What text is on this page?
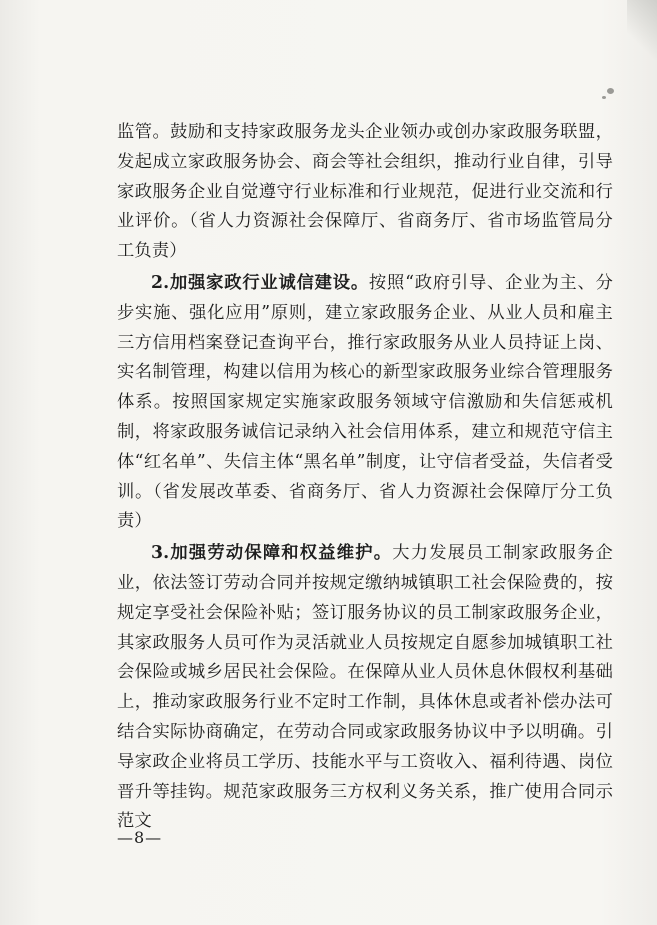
监管。鼓励和支持家政服务龙头企业领办或创办家政服务联盟，发起成立家政服务协会、商会等社会组织，推动行业自律，引导家政服务企业自觉遵守行业标准和行业规范，促进行业交流和行业评价。（省人力资源社会保障厅、省商务厅、省市场监管局分工负责）

2.加强家政行业诚信建设。按照“政府引导、企业为主、分步实施、强化应用”原则，建立家政服务企业、从业人员和雇主三方信用档案登记查询平台，推行家政服务从业人员持证上岗、实名制管理，构建以信用为核心的新型家政服务业综合管理服务体系。按照国家规定实施家政服务领域守信激励和失信惩戒机制，将家政服务诚信记录纳入社会信用体系，建立和规范守信主体“红名单”、失信主体“黑名单”制度，让守信者受益，失信者受训。（省发展改革委、省商务厅、省人力资源社会保障厅分工负责）

3.加强劳动保障和权益维护。大力发展员工制家政服务企业，依法签订劳动合同并按规定缴纳城镇职工社会保险费的，按规定享受社会保险补贴；签订服务协议的员工制家政服务企业，其家政服务人员可作为灵活就业人员按规定自愿参加城镇职工社会保险或城乡居民社会保险。在保障从业人员休息休假权利基础上，推动家政服务行业不定时工作制，具体休息或者补偿办法可结合实际协商确定，在劳动合同或家政服务协议中予以明确。引导家政企业将员工学历、技能水平与工资收入、福利待遇、岗位晋升等挂钩。规范家政服务三方权利义务关系，推广使用合同示范文

—8—
